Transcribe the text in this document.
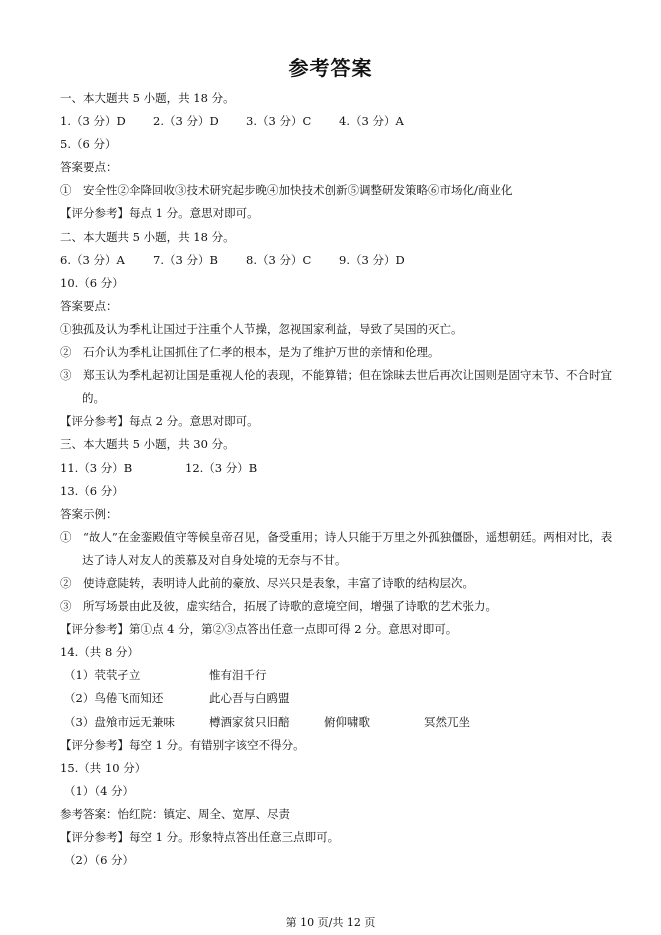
参考答案
一、本大题共 5 小题，共 18 分。
1.（3 分）D	2.（3 分）D	3.（3 分）C	4.（3 分）A
5.（6 分）
答案要点：
①　安全性②伞降回收③技术研究起步晚④加快技术创新⑤调整研发策略⑥市场化/商业化
【评分参考】每点 1 分。意思对即可。
二、本大题共 5 小题，共 18 分。
6.（3 分）A	7.（3 分）B	8.（3 分）C	9.（3 分）D
10.（6 分）
答案要点：
①独孤及认为季札让国过于注重个人节操，忽视国家利益，导致了吴国的灭亡。
②　石介认为季札让国抓住了仁孝的根本，是为了维护万世的亲情和伦理。
③　郑玉认为季札起初让国是重视人伦的表现，不能算错；但在馀昧去世后再次让国则是固守末节、不合时宜的。
【评分参考】每点 2 分。意思对即可。
三、本大题共 5 小题，共 30 分。
11.（3 分）B	12.（3 分）B
13.（6 分）
答案示例：
①　“故人”在金銮殿值守等候皇帝召见，备受重用；诗人只能于万里之外孤独僵卧，遥想朝廷。两相对比，表达了诗人对友人的羡慕及对自身处境的无奈与不甘。
②　使诗意陡转，表明诗人此前的豪放、尽兴只是表象，丰富了诗歌的结构层次。
③　所写场景由此及彼，虚实结合，拓展了诗歌的意境空间，增强了诗歌的艺术张力。
【评分参考】第①点 4 分，第②③点答出任意一点即可得 2 分。意思对即可。
14.（共 8 分）
（1）茕茕孑立	惟有泪千行
（2）鸟倦飞而知还	此心吾与白鸥盟
（3）盘飧市远无兼味	樽酒家贫只旧醅	俯仰啸歌	冥然兀坐
【评分参考】每空 1 分。有错别字该空不得分。
15.（共 10 分）
（1）（4 分）
参考答案：怡红院：镇定、周全、宽厚、尽责
【评分参考】每空 1 分。形象特点答出任意三点即可。
（2）（6 分）
第 10 页/共 12 页
